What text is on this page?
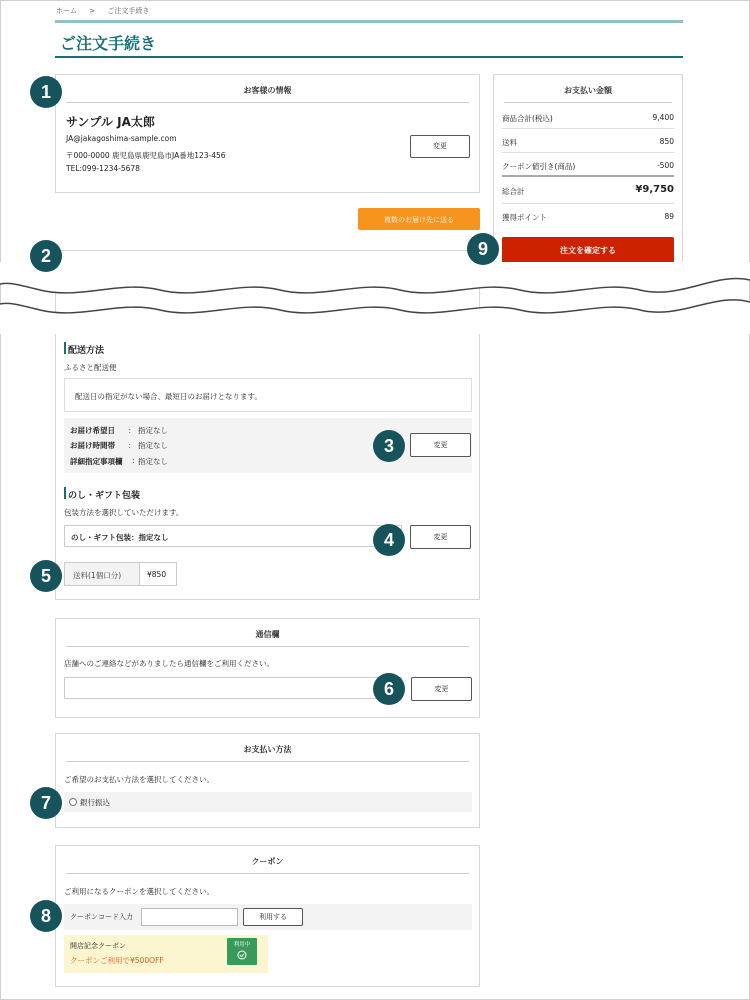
ホーム > ご注文手続き
ご注文手続き
1
2
3
4
5
6
7
8
9
お客様の情報
サンプル JA太郎
JA@jakagoshima-sample.com
〒000-0000 鹿児島県鹿児島市JA番地123-456
TEL:099-1234-5678
変更
複数のお届け先に送る
お支払い金額
商品合計(税込)	9,400
送料	850
クーポン値引き(商品)	-500
総合計	¥9,750
獲得ポイント	89
注文を確定する
配送方法
ふるさと配送便
配送日の指定がない場合、最短日のお届けとなります。
お届け希望日 ： 指定なし
お届け時間帯 ： 指定なし
詳細指定事項欄 : 指定なし
変更
のし・ギフト包装
包装方法を選択していただけます。
のし・ギフト包装：指定なし	変更
送料(1個口分)	¥850
通信欄
店舗へのご連絡などがありましたら通信欄をご利用ください。
変更
お支払い方法
ご希望のお支払い方法を選択してください。
銀行振込
クーポン
ご利用になるクーポンを選択してください。
クーポンコード入力	利用する
開店記念クーポン
クーポンご利用で¥500OFF
利用中
